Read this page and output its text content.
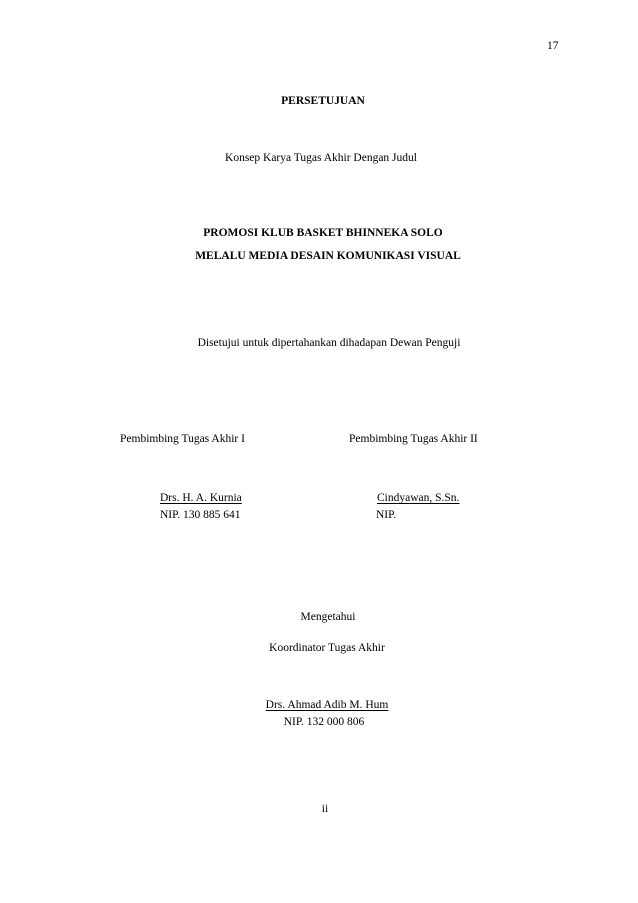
17
PERSETUJUAN
Konsep Karya Tugas Akhir Dengan Judul
PROMOSI KLUB BASKET BHINNEKA SOLO
MELALU MEDIA DESAIN KOMUNIKASI VISUAL
Disetujui untuk dipertahankan dihadapan Dewan Penguji
Pembimbing Tugas Akhir I	Pembimbing Tugas Akhir II
Drs. H. A. Kurnia
NIP. 130 885 641
Cindyawan, S.Sn.
NIP.
Mengetahui
Koordinator Tugas Akhir
Drs. Ahmad Adib M. Hum
NIP. 132 000 806
ii
